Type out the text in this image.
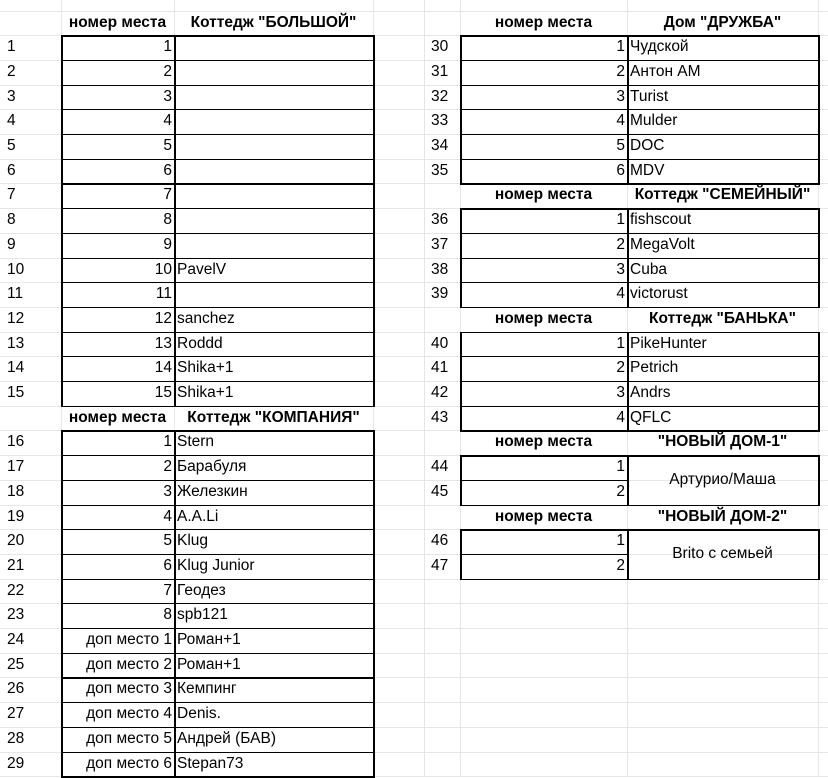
номер места	Коттедж "БОЛЬШОЙ"
1	1
2	2
3	3
4	4
5	5
6	6
7	7
8	8
9	9
10	10 PavelV
11	11
12	12 sanchez
13	13 Roddd
14	14 Shika+1
15	15 Shika+1
номер места	Коттедж "КОМПАНИЯ"
16	1 Stern
17	2 Барабуля
18	3 Железкин
19	4 A.A.Li
20	5 Klug
21	6 Klug Junior
22	7 Геодез
23	8 spb121
24	доп место 1 Роман+1
25	доп место 2 Роман+1
26	доп место 3 Кемпинг
27	доп место 4 Denis.
28	доп место 5 Андрей (БАВ)
29	доп место 6 Stepan73
номер места	Дом "ДРУЖБА"
30	1 Чудской
31	2 Антон АМ
32	3 Turist
33	4 Mulder
34	5 DOC
35	6 MDV
номер места	Коттедж "СЕМЕЙНЫЙ"
36	1 fishscout
37	2 MegaVolt
38	3 Cuba
39	4 victorust
номер места	Коттедж "БАНЬКА"
40	1 PikeHunter
41	2 Petrich
42	3 Andrs
43	4 QFLC
номер места	"НОВЫЙ ДОМ-1"
44	1
45	2
Артурио/Маша
номер места	"НОВЫЙ ДОМ-2"
46	1
47	2
Brito с семьей
